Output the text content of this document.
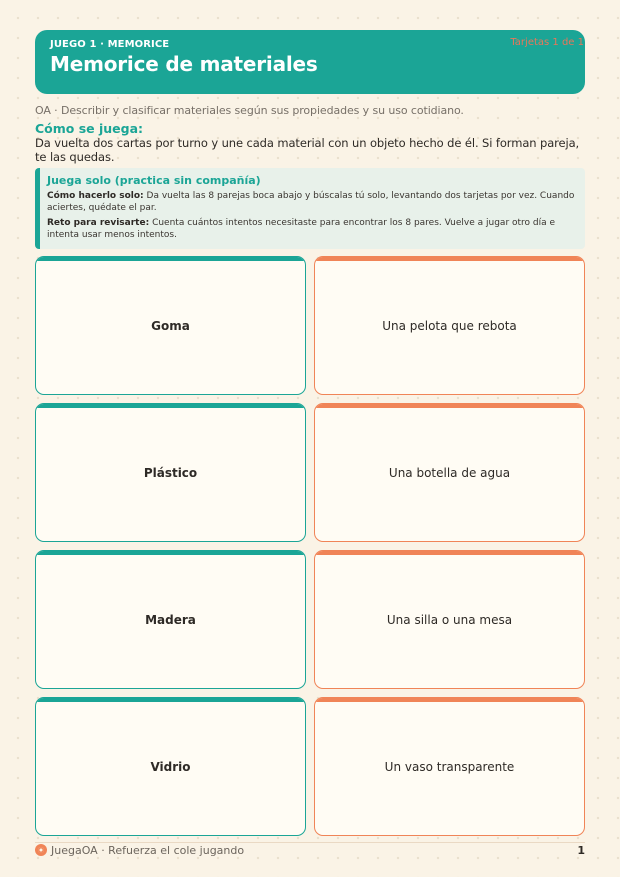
JUEGO 1 · MEMORICE
Memorice de materiales
Tarjetas 1 de 1
OA · Describir y clasificar materiales según sus propiedades y su uso cotidiano.
Cómo se juega:
Da vuelta dos cartas por turno y une cada material con un objeto hecho de él. Si forman pareja, te las quedas.
Juega solo (practica sin compañía)
Cómo hacerlo solo: Da vuelta las 8 parejas boca abajo y búscalas tú solo, levantando dos tarjetas por vez. Cuando aciertes, quédate el par.
Reto para revisarte: Cuenta cuántos intentos necesitaste para encontrar los 8 pares. Vuelve a jugar otro día e intenta usar menos intentos.
Goma	Una pelota que rebota
Plástico	Una botella de agua
Madera	Una silla o una mesa
Vidrio	Un vaso transparente
JuegaOA · Refuerza el cole jugando	1
